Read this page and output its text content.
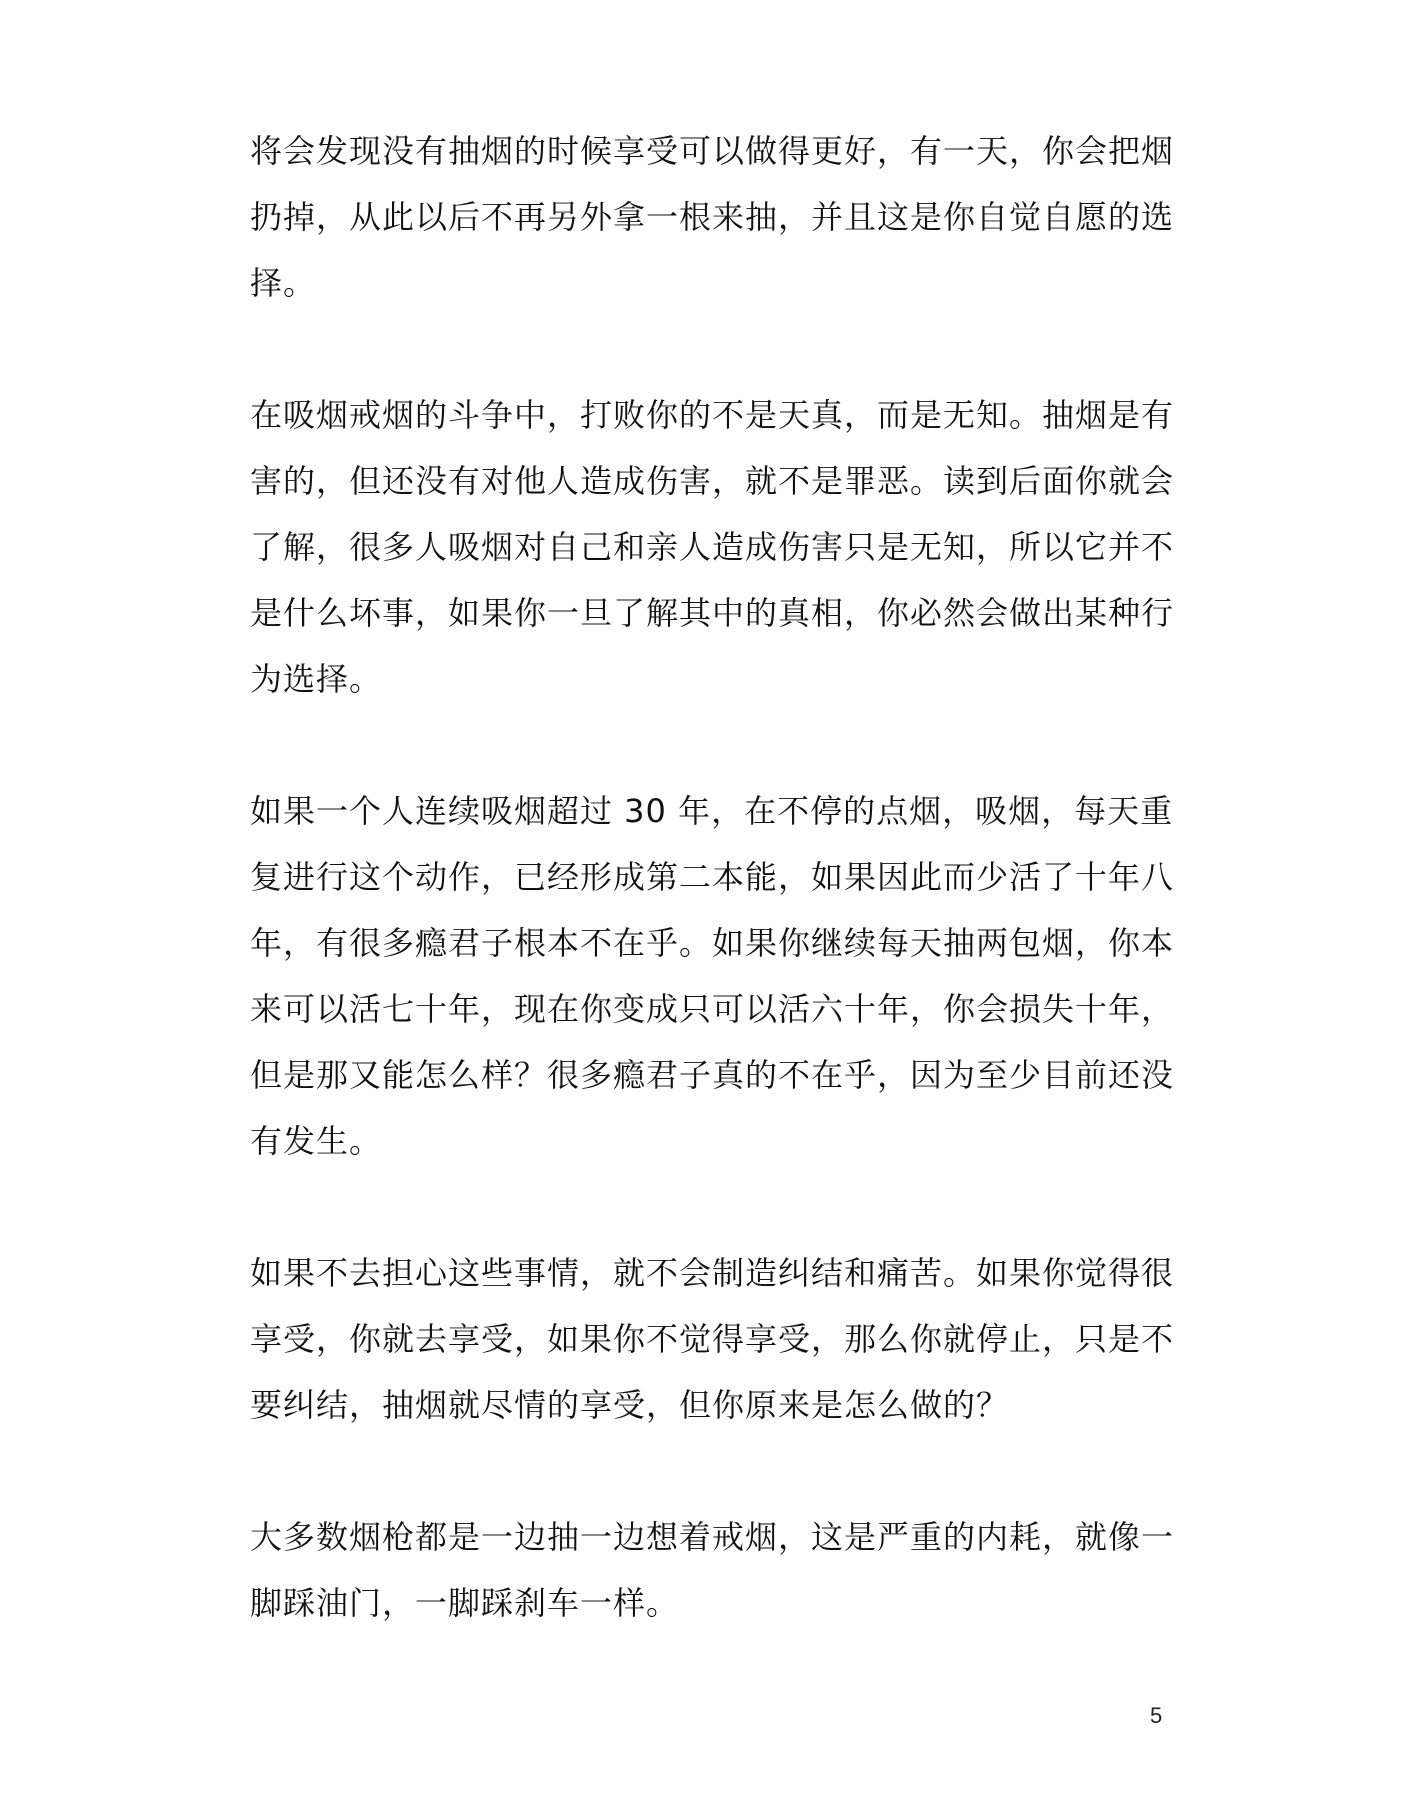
将会发现没有抽烟的时候享受可以做得更好，有一天，你会把烟扔掉，从此以后不再另外拿一根来抽，并且这是你自觉自愿的选择。

在吸烟戒烟的斗争中，打败你的不是天真，而是无知。抽烟是有害的，但还没有对他人造成伤害，就不是罪恶。读到后面你就会了解，很多人吸烟对自己和亲人造成伤害只是无知，所以它并不是什么坏事，如果你一旦了解其中的真相，你必然会做出某种行为选择。

如果一个人连续吸烟超过 30 年，在不停的点烟，吸烟，每天重复进行这个动作，已经形成第二本能，如果因此而少活了十年八年，有很多瘾君子根本不在乎。如果你继续每天抽两包烟，你本来可以活七十年，现在你变成只可以活六十年，你会损失十年， 但是那又能怎么样？很多瘾君子真的不在乎，因为至少目前还没有发生。

如果不去担心这些事情，就不会制造纠结和痛苦。如果你觉得很享受，你就去享受，如果你不觉得享受，那么你就停止，只是不要纠结，抽烟就尽情的享受，但你原来是怎么做的？

大多数烟枪都是一边抽一边想着戒烟，这是严重的内耗，就像一脚踩油门，一脚踩刹车一样。

5
